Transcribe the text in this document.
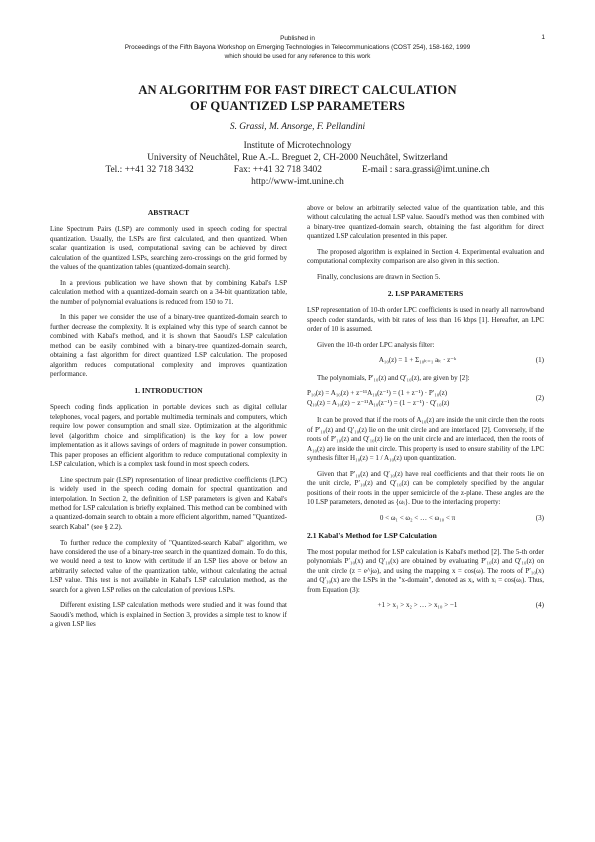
Published in
Proceedings of the Fifth Bayona Workshop on Emerging Technologies in Telecommunications (COST 254), 158-162, 1999
which should be used for any reference to this work
1
AN ALGORITHM FOR FAST DIRECT CALCULATION
OF QUANTIZED LSP PARAMETERS
S. Grassi, M. Ansorge, F. Pellandini
Institute of Microtechnology
University of Neuchâtel, Rue A.-L. Breguet 2, CH-2000 Neuchâtel, Switzerland
Tel.: ++41 32 718 3432	Fax: ++41 32 718 3402	E-mail : sara.grassi@imt.unine.ch
http://www-imt.unine.ch
ABSTRACT

Line Spectrum Pairs (LSP) are commonly used in speech coding for spectral quantization. Usually, the LSPs are first calculated, and then quantized. When scalar quantization is used, computational saving can be achieved by direct calculation of the quantized LSPs, searching zero-crossings on the grid formed by the values of the quantization tables (quantized-domain search).

In a previous publication we have shown that by combining Kabal's LSP calculation method with a quantized-domain search on a 34-bit quantization table, the number of polynomial evaluations is reduced from 150 to 71.

In this paper we consider the use of a binary-tree quantized-domain search to further decrease the complexity. It is explained why this type of search cannot be combined with Kabal's method, and it is shown that Saoudi's LSP calculation method can be easily combined with a binary-tree quantized-domain search, obtaining a fast algorithm for direct quantized LSP calculation. The proposed algorithm reduces computational complexity and improves quantization performance.

1. INTRODUCTION

Speech coding finds application in portable devices such as digital cellular telephones, vocal pagers, and portable multimedia terminals and computers, which require low power consumption and small size. Optimization at the algorithmic level (algorithm choice and simplification) is the key for a low power implementation as it allows savings of orders of magnitude in power consumption. This paper proposes an efficient algorithm to reduce computational complexity in LSP calculation, which is a complex task found in most speech coders.

Line spectrum pair (LSP) representation of linear predictive coefficients (LPC) is widely used in the speech coding domain for spectral quantization and interpolation. In Section 2, the definition of LSP parameters is given and Kabal's method for LSP calculation is briefly explained. This method can be combined with a quantized-domain search to obtain a more efficient algorithm, named "Quantized-search Kabal" (see § 2.2).

To further reduce the complexity of "Quantized-search Kabal" algorithm, we have considered the use of a binary-tree search in the quantized domain. To do this, we would need a test to know with certitude if an LSP lies above or below an arbitrarily selected value of the quantization table, without calculating the actual LSP value. This test is not available in Kabal's LSP calculation method, as the search for a given LSP relies on the calculation of previous LSPs.

Different existing LSP calculation methods were studied and it was found that Saoudi's method, which is explained in Section 3, provides a simple test to know if a given LSP lies

above or below an arbitrarily selected value of the quantization table, and this without calculating the actual LSP value. Saoudi's method was then combined with a binary-tree quantized-domain search, obtaining the fast algorithm for direct quantized LSP calculation presented in this paper.

The proposed algorithm is explained in Section 4. Experimental evaluation and computational complexity comparison are also given in this section.

Finally, conclusions are drawn in Section 5.

2. LSP PARAMETERS

LSP representation of 10-th order LPC coefficients is used in nearly all narrowband speech coder standards, with bit rates of less than 16 kbps [1]. Hereafter, an LPC order of 10 is assumed.

Given the 10-th order LPC analysis filter:

A₁₀(z) = 1 + Σ₁₀ₖ₌₁ aₖ · z⁻ᵏ	(1)

The polynomials, P′₁₀(z) and Q′₁₀(z), are given by [2]:

P₁₀(z) = A₁₀(z) + z⁻¹¹A₁₀(z⁻¹) = (1 + z⁻¹) · P′₁₀(z)
Q₁₀(z) = A₁₀(z) − z⁻¹¹A₁₀(z⁻¹) = (1 − z⁻¹) · Q′₁₀(z)
(2)

It can be proved that if the roots of A₁₀(z) are inside the unit circle then the roots of P′₁₀(z) and Q′₁₀(z) lie on the unit circle and are interlaced [2]. Conversely, if the roots of P′₁₀(z) and Q′₁₀(z) lie on the unit circle and are interlaced, then the roots of A₁₀(z) are inside the unit circle. This property is used to ensure stability of the LPC synthesis filter H₁₀(z) = 1 / A₁₀(z) upon quantization.

Given that P′₁₀(z) and Q′₁₀(z) have real coefficients and that their roots lie on the unit circle, P′₁₀(z) and Q′₁₀(z) can be completely specified by the angular positions of their roots in the upper semicircle of the z-plane. These angles are the 10 LSP parameters, denoted as {ωᵢ}. Due to the interlacing property:

0 < ω₁ < ω₂ < … < ω₁₀ < π	(3)
2.1 Kabal's Method for LSP Calculation

The most popular method for LSP calculation is Kabal's method [2]. The 5-th order polynomials P′₁₀(x) and Q′₁₀(x) are obtained by evaluating P′₁₀(z) and Q′₁₀(z) on the unit circle (z = e^jω), and using the mapping x = cos(ω). The roots of P′₁₀(x) and Q′₁₀(x) are the LSPs in the "x-domain", denoted as xᵢ, with xᵢ = cos(ωᵢ). Thus, from Equation (3):

+1 > x₁ > x₂ > … > x₁₀ > −1	(4)
